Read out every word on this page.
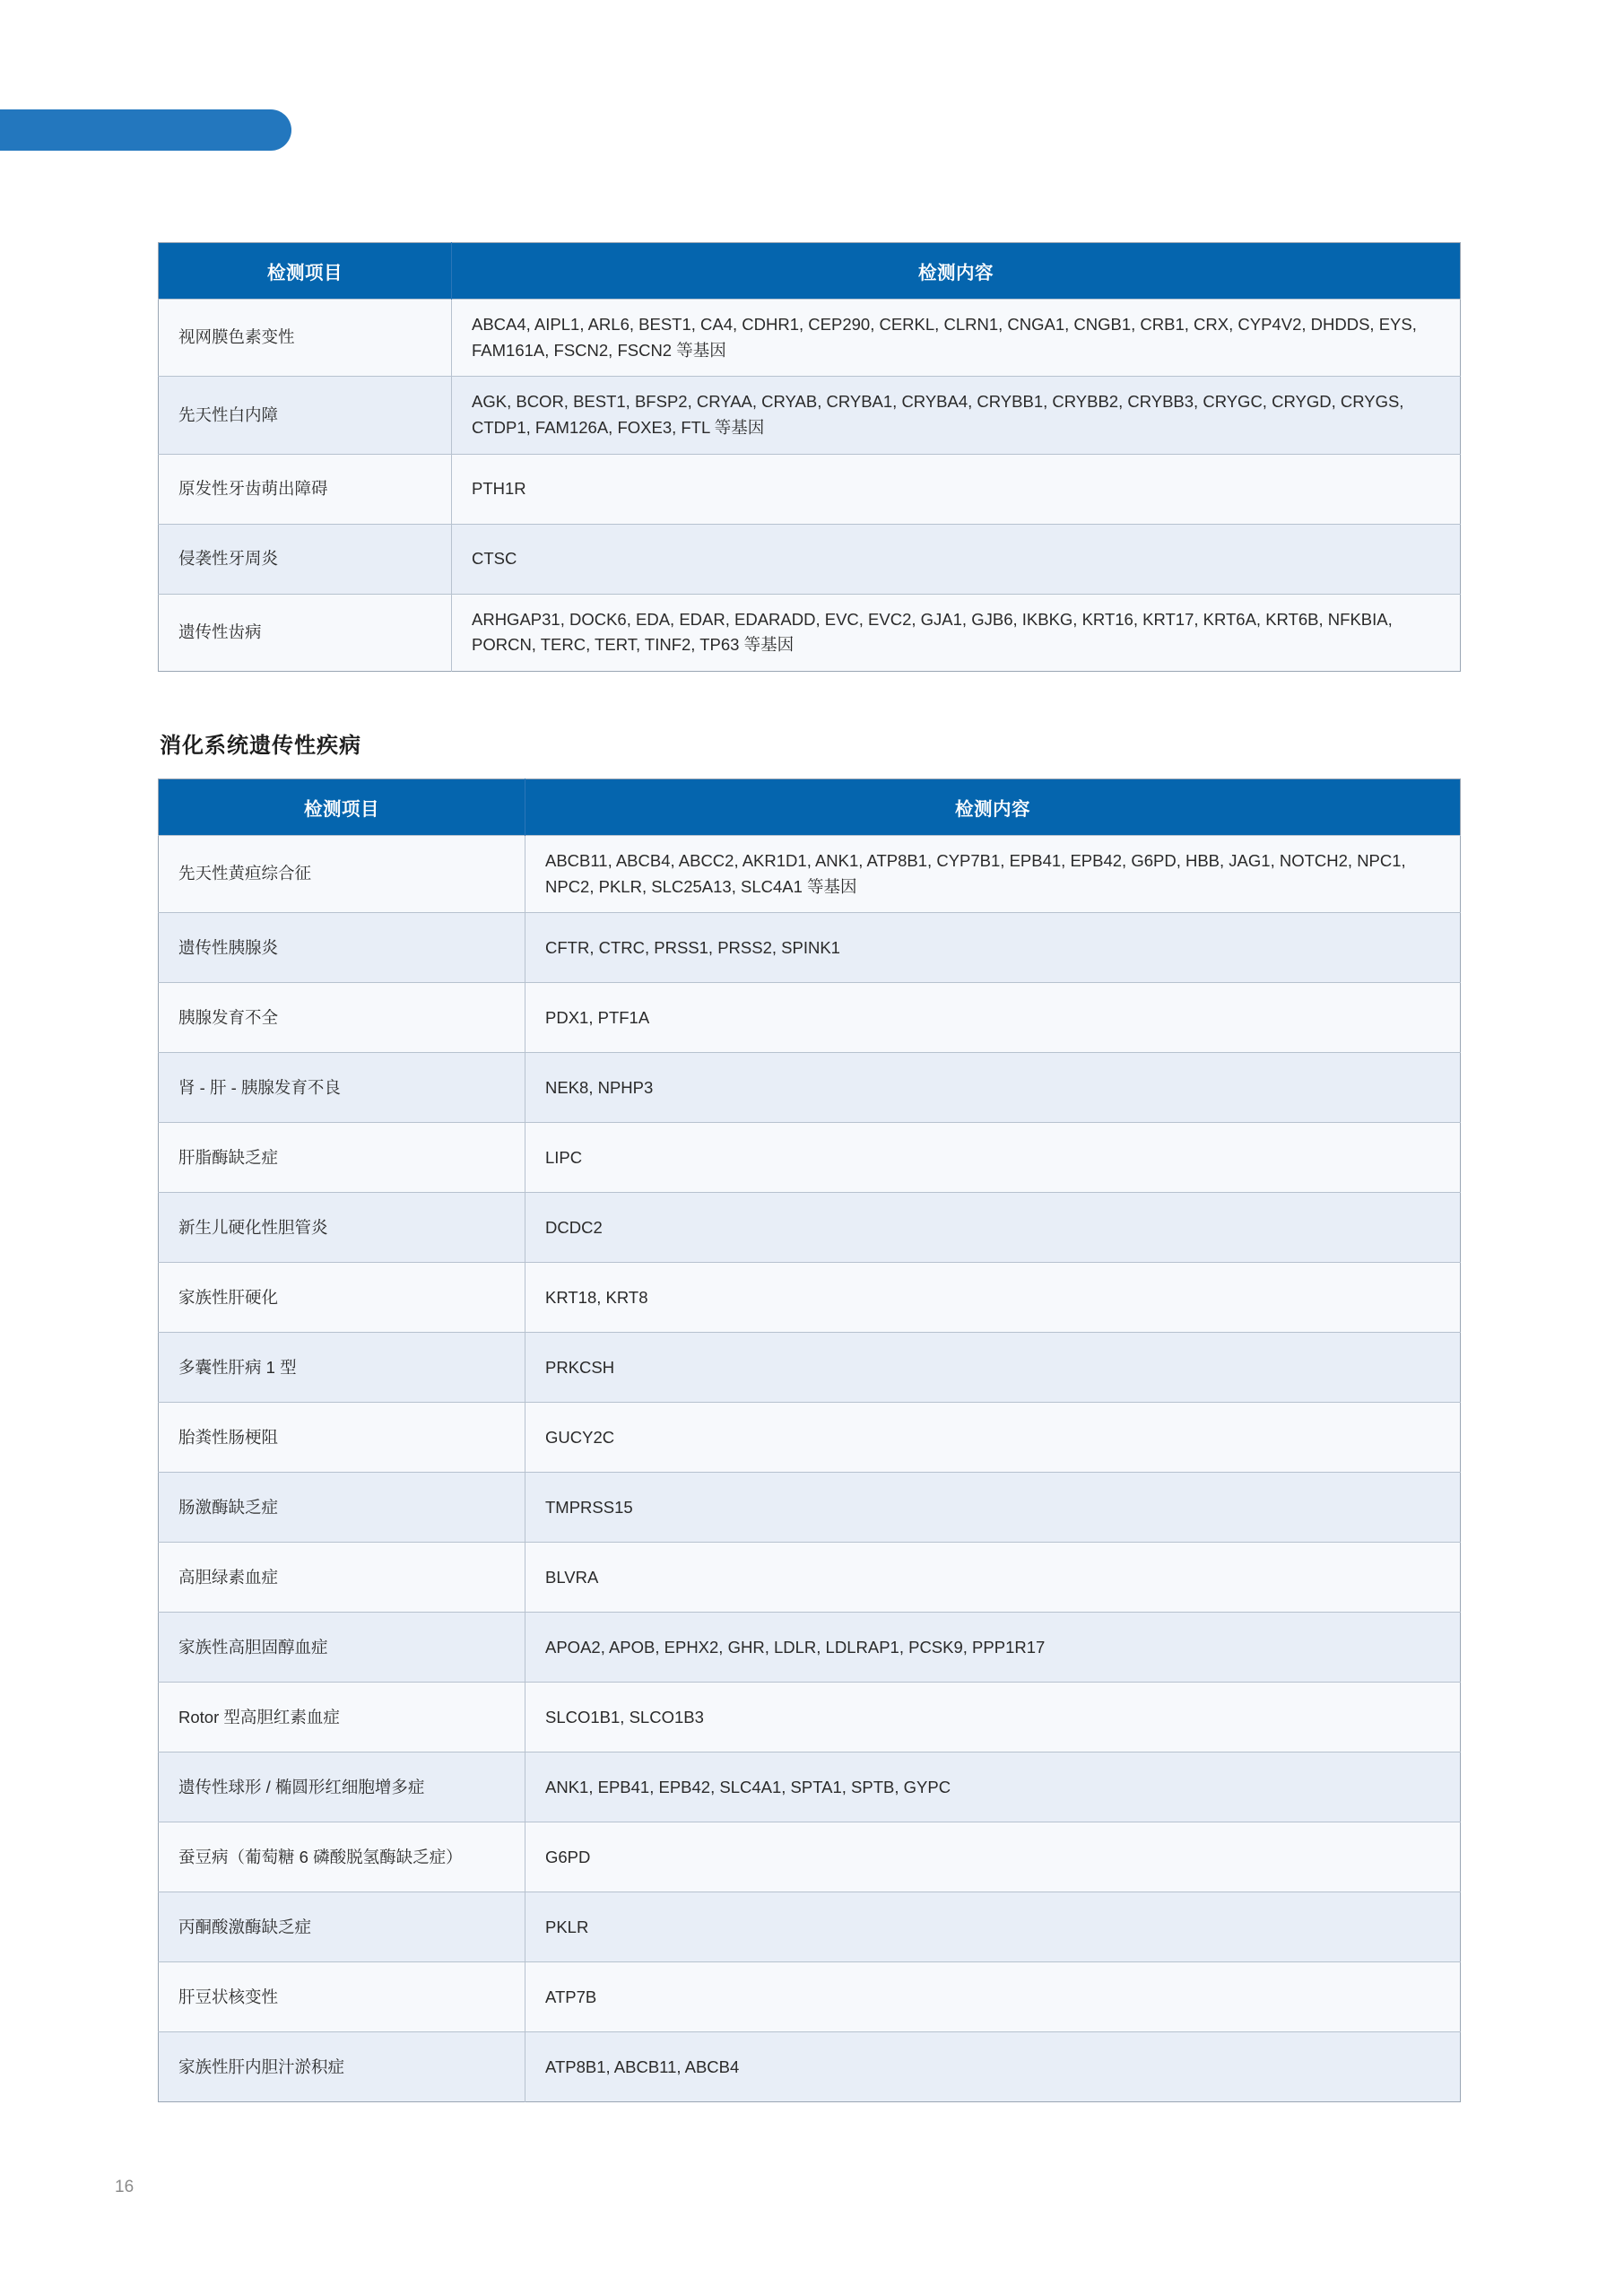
检测项目	检测内容
视网膜色素变性	ABCA4, AIPL1, ARL6, BEST1, CA4, CDHR1, CEP290, CERKL, CLRN1, CNGA1, CNGB1, CRB1, CRX, CYP4V2, DHDDS, EYS, FAM161A, FSCN2, FSCN2 等基因
先天性白内障	AGK, BCOR, BEST1, BFSP2, CRYAA, CRYAB, CRYBA1, CRYBA4, CRYBB1, CRYBB2, CRYBB3, CRYGC, CRYGD, CRYGS, CTDP1, FAM126A, FOXE3, FTL 等基因
原发性牙齿萌出障碍	PTH1R
侵袭性牙周炎	CTSC
遗传性齿病	ARHGAP31, DOCK6, EDA, EDAR, EDARADD, EVC, EVC2, GJA1, GJB6, IKBKG, KRT16, KRT17, KRT6A, KRT6B, NFKBIA, PORCN, TERC, TERT, TINF2, TP63 等基因
消化系统遗传性疾病
检测项目	检测内容
先天性黄疸综合征	ABCB11, ABCB4, ABCC2, AKR1D1, ANK1, ATP8B1, CYP7B1, EPB41, EPB42, G6PD, HBB, JAG1, NOTCH2, NPC1, NPC2, PKLR, SLC25A13, SLC4A1 等基因
遗传性胰腺炎	CFTR, CTRC, PRSS1, PRSS2, SPINK1
胰腺发育不全	PDX1, PTF1A
肾 - 肝 - 胰腺发育不良	NEK8, NPHP3
肝脂酶缺乏症	LIPC
新生儿硬化性胆管炎	DCDC2
家族性肝硬化	KRT18, KRT8
多囊性肝病 1 型	PRKCSH
胎粪性肠梗阻	GUCY2C
肠激酶缺乏症	TMPRSS15
高胆绿素血症	BLVRA
家族性高胆固醇血症	APOA2, APOB, EPHX2, GHR, LDLR, LDLRAP1, PCSK9, PPP1R17
Rotor 型高胆红素血症	SLCO1B1, SLCO1B3
遗传性球形 / 椭圆形红细胞增多症	ANK1, EPB41, EPB42, SLC4A1, SPTA1, SPTB, GYPC
蚕豆病（葡萄糖 6 磷酸脱氢酶缺乏症）	G6PD
丙酮酸激酶缺乏症	PKLR
肝豆状核变性	ATP7B
家族性肝内胆汁淤积症	ATP8B1, ABCB11, ABCB4
16
